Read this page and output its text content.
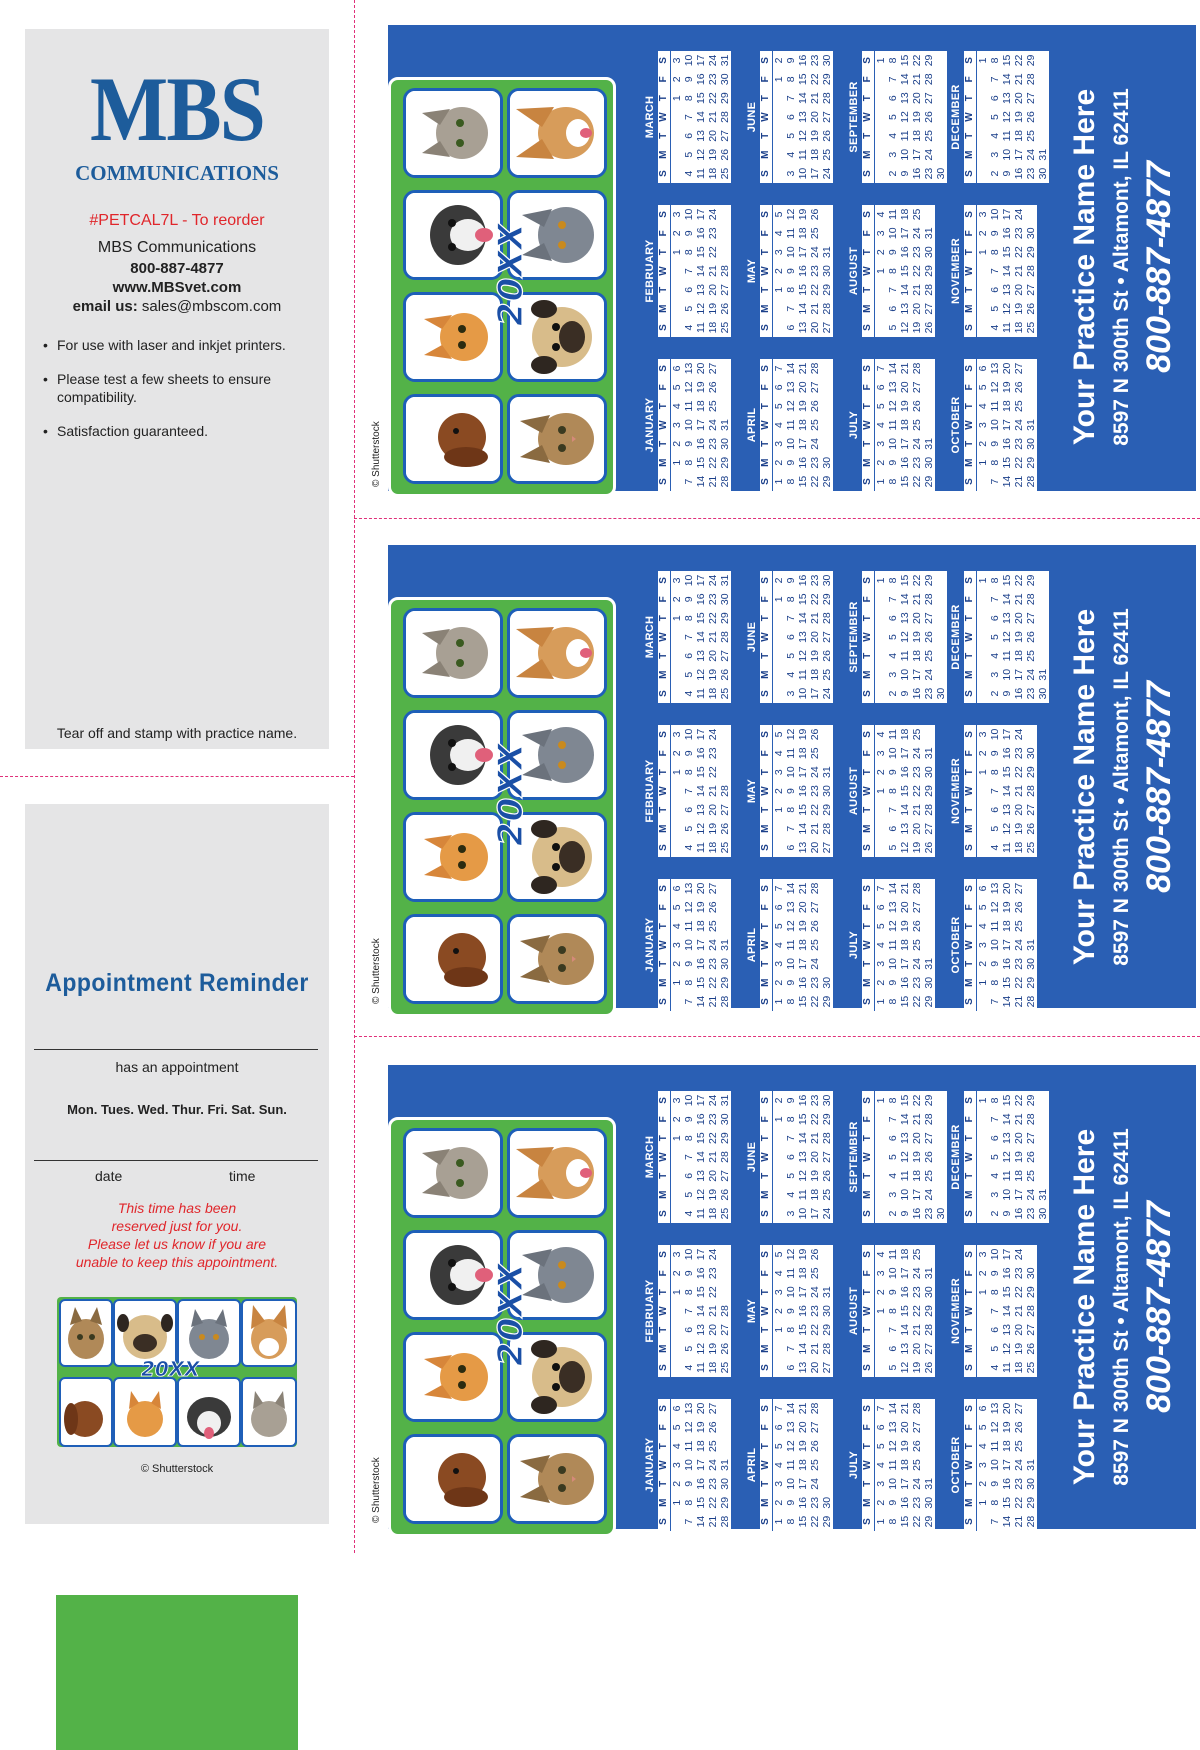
MBS
COMMUNICATIONS
#PETCAL7L - To reorder
MBS Communications
800-887-4877
www.MBSvet.com
email us: sales@mbscom.com
• For use with laser and inkjet printers.
• Please test a few sheets to ensure compatibility.
• Satisfaction guaranteed.
Tear off and stamp with practice name.
Appointment Reminder
has an appointment
Mon. Tues. Wed. Thur. Fri. Sat. Sun.
date	time
This time has been
reserved just for you.
Please let us know if you are
unable to keep this appointment.
© Shutterstock
20XX
20XX
JANUARY
S
M
T
W
T
F
S
1
2
3
4
5
6
7
8
9
10
11
12
13
14
15
16
17
18
19
20
21
22
23
24
25
26
27
28
29
30
31
FEBRUARY
S
M
T
W
T
F
S
1
2
3
4
5
6
7
8
9
10
11
12
13
14
15
16
17
18
19
20
21
22
23
24
25
26
27
28
MARCH
S
M
T
W
T
F
S
1
2
3
4
5
6
7
8
9
10
11
12
13
14
15
16
17
18
19
20
21
22
23
24
25
26
27
28
29
30
31
APRIL
S
M
T
W
T
F
S
1
2
3
4
5
6
7
8
9
10
11
12
13
14
15
16
17
18
19
20
21
22
23
24
25
26
27
28
29
30
MAY
S
M
T
W
T
F
S
1
2
3
4
5
6
7
8
9
10
11
12
13
14
15
16
17
18
19
20
21
22
23
24
25
26
27
28
29
30
31
JUNE
S
M
T
W
T
F
S
1
2
3
4
5
6
7
8
9
10
11
12
13
14
15
16
17
18
19
20
21
22
23
24
25
26
27
28
29
30
JULY
S
M
T
W
T
F
S
1
2
3
4
5
6
7
8
9
10
11
12
13
14
15
16
17
18
19
20
21
22
23
24
25
26
27
28
29
30
31
AUGUST
S
M
T
W
T
F
S
1
2
3
4
5
6
7
8
9
10
11
12
13
14
15
16
17
18
19
20
21
22
23
24
25
26
27
28
29
30
31
SEPTEMBER
S
M
T
W
T
F
S 1
2
3
4
5
6
7
8
9
10
11
12
13
14
15
16
17
18
19
20
21
22
23
24
25
26
27
28
29
30
OCTOBER
S
M
T
W
T
F
S
1
2
3
4
5
6
7
8
9
10
11
12
13
14
15
16
17
18
19
20
21
22
23
24
25
26
27
28
29
30
31
NOVEMBER
S
M
T
W
T
F
S
1
2
3
4
5
6
7
8
9
10
11
12
13
14
15
16
17
18
19
20
21
22
23
24
25
26
27
28
29
30
DECEMBER
S
M
T
W
T
F
S 1
2
3
4
5
6
7
8
9
10
11
12
13
14
15
16
17
18
19
20
21
22
23
24
25
26
27
28
29
30
31 Your Practice Name Here 8597 N 300th St • Altamont, IL 62411 800-887-4877
20XX
JANUARY
S
M
T
W
T
F
S
1
2
3
4
5
6
7
8
9
10
11
12
13
14
15
16
17
18
19
20
21
22
23
24
25
26
27
28
29
30
31
FEBRUARY
S
M
T
W
T
F
S
1
2
3
4
5
6
7
8
9
10
11
12
13
14
15
16
17
18
19
20
21
22
23
24
25
26
27
28
MARCH
S
M
T
W
T
F
S
1
2
3
4
5
6
7
8
9
10
11
12
13
14
15
16
17
18
19
20
21
22
23
24
25
26
27
28
29
30
31
APRIL
S
M
T
W
T
F
S
1
2
3
4
5
6
7
8
9
10
11
12
13
14
15
16
17
18
19
20
21
22
23
24
25
26
27
28
29
30
MAY
S
M
T
W
T
F
S
1
2
3
4
5
6
7
8
9
10
11
12
13
14
15
16
17
18
19
20
21
22
23
24
25
26
27
28
29
30
31
JUNE
S
M
T
W
T
F
S
1
2
3
4
5
6
7
8
9
10
11
12
13
14
15
16
17
18
19
20
21
22
23
24
25
26
27
28
29
30
JULY
S
M
T
W
T
F
S
1
2
3
4
5
6
7
8
9
10
11
12
13
14
15
16
17
18
19
20
21
22
23
24
25
26
27
28
29
30
31
AUGUST
S
M
T
W
T
F
S
1
2
3
4
5
6
7
8
9
10
11
12
13
14
15
16
17
18
19
20
21
22
23
24
25
26
27
28
29
30
31
SEPTEMBER
S
M
T
W
T
F
S 1
2
3
4
5
6
7
8
9
10
11
12
13
14
15
16
17
18
19
20
21
22
23
24
25
26
27
28
29
30
OCTOBER
S
M
T
W
T
F
S
1
2
3
4
5
6
7
8
9
10
11
12
13
14
15
16
17
18
19
20
21
22
23
24
25
26
27
28
29
30
31
NOVEMBER
S
M
T
W
T
F
S
1
2
3
4
5
6
7
8
9
10
11
12
13
14
15
16
17
18
19
20
21
22
23
24
25
26
27
28
29
30
DECEMBER
S
M
T
W
T
F
S 1
2
3
4
5
6
7
8
9
10
11
12
13
14
15
16
17
18
19
20
21
22
23
24
25
26
27
28
29
30
31 Your Practice Name Here 8597 N 300th St • Altamont, IL 62411 800-887-4877
20XX
JANUARY
S
M
T
W
T
F
S
1
2
3
4
5
6
7
8
9
10
11
12
13
14
15
16
17
18
19
20
21
22
23
24
25
26
27
28
29
30
31
FEBRUARY
S
M
T
W
T
F
S
1
2
3
4
5
6
7
8
9
10
11
12
13
14
15
16
17
18
19
20
21
22
23
24
25
26
27
28
MARCH
S
M
T
W
T
F
S
1
2
3
4
5
6
7
8
9
10
11
12
13
14
15
16
17
18
19
20
21
22
23
24
25
26
27
28
29
30
31
APRIL
S
M
T
W
T
F
S
1
2
3
4
5
6
7
8
9
10
11
12
13
14
15
16
17
18
19
20
21
22
23
24
25
26
27
28
29
30
MAY
S
M
T
W
T
F
S
1
2
3
4
5
6
7
8
9
10
11
12
13
14
15
16
17
18
19
20
21
22
23
24
25
26
27
28
29
30
31
JUNE
S
M
T
W
T
F
S
1
2
3
4
5
6
7
8
9
10
11
12
13
14
15
16
17
18
19
20
21
22
23
24
25
26
27
28
29
30
JULY
S
M
T
W
T
F
S
1
2
3
4
5
6
7
8
9
10
11
12
13
14
15
16
17
18
19
20
21
22
23
24
25
26
27
28
29
30
31
AUGUST
S
M
T
W
T
F
S
1
2
3
4
5
6
7
8
9
10
11
12
13
14
15
16
17
18
19
20
21
22
23
24
25
26
27
28
29
30
31
SEPTEMBER
S
M
T
W
T
F
S 1
2
3
4
5
6
7
8
9
10
11
12
13
14
15
16
17
18
19
20
21
22
23
24
25
26
27
28
29
30
OCTOBER
S
M
T
W
T
F
S
1
2
3
4
5
6
7
8
9
10
11
12
13
14
15
16
17
18
19
20
21
22
23
24
25
26
27
28
29
30
31
NOVEMBER
S
M
T
W
T
F
S
1
2
3
4
5
6
7
8
9
10
11
12
13
14
15
16
17
18
19
20
21
22
23
24
25
26
27
28
29
30
DECEMBER
S
M
T
W
T
F
S 1
2
3
4
5
6
7
8
9
10
11
12
13
14
15
16
17
18
19
20
21
22
23
24
25
26
27
28
29
30
31 Your Practice Name Here 8597 N 300th St • Altamont, IL 62411 800-887-4877
© Shutterstock
© Shutterstock
© Shutterstock
